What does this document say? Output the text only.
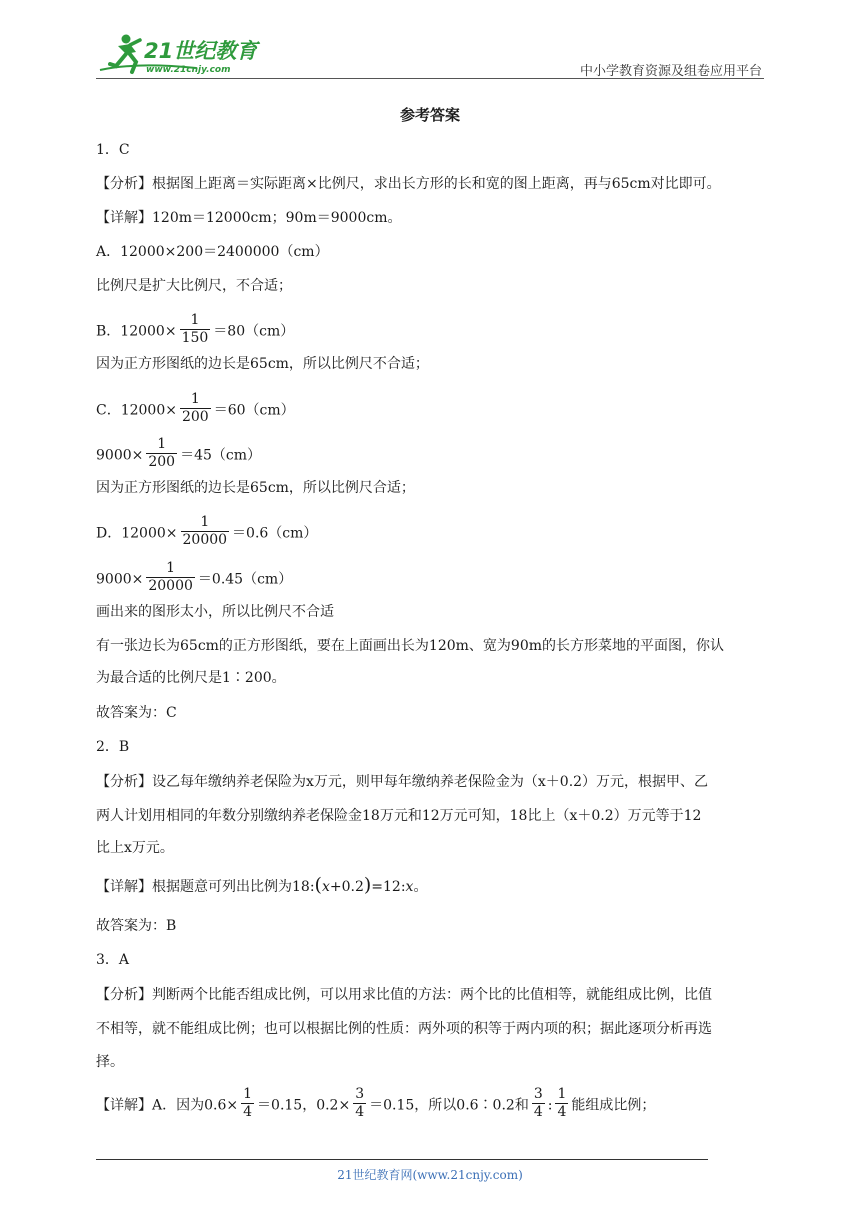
21世纪教育
www.21cnjy.com	中小学教育资源及组卷应用平台
参考答案
1．C
【分析】根据图上距离＝实际距离×比例尺，求出长方形的长和宽的图上距离，再与65cm对比即可。
【详解】120m＝12000cm；90m＝9000cm。
A．12000×200＝2400000（cm）
比例尺是扩大比例尺，不合适；
B．$12000\times \frac{1}{150} =80(cm)$
因为正方形图纸的边长是65cm，所以比例尺不合适；
C．$12000\times \frac{1}{200} =60(cm)$
$9000\times \frac{1}{200} =45(cm)$
因为正方形图纸的边长是65cm，所以比例尺合适；
D．$12000\times \frac{1}{20000} =0.6(cm)$
$9000\times \frac{1}{20000} =0.45(cm)$
画出来的图形太小，所以比例尺不合适
有一张边长为65cm的正方形图纸，要在上面画出长为120m、宽为90m的长方形菜地的平面图，你认
为最合适的比例尺是1∶200。
故答案为：C
2．B
【分析】设乙每年缴纳养老保险为x万元，则甲每年缴纳养老保险金为（x＋0.2）万元，根据甲、乙
两人计划用相同的年数分别缴纳养老保险金18万元和12万元可知，18比上（x＋0.2）万元等于12
比上x万元。
【详解】根据题意可列出比例为18:(x+0.2)=12:x。
故答案为：B
3．A
【分析】判断两个比能否组成比例，可以用求比值的方法：两个比的比值相等，就能组成比例，比值
不相等，就不能组成比例；也可以根据比例的性质：两外项的积等于两内项的积；据此逐项分析再选
择。
【详解】A．因为$0.6\times \frac{1}{4} =0.15$，$0.2\times \frac{3}{4} =0.15$，所以0.6∶0.2和 $\frac{3}{4}$ : $\frac{1}{4}$ 能组成比例；
21世纪教育网(www.21cnjy.com)
